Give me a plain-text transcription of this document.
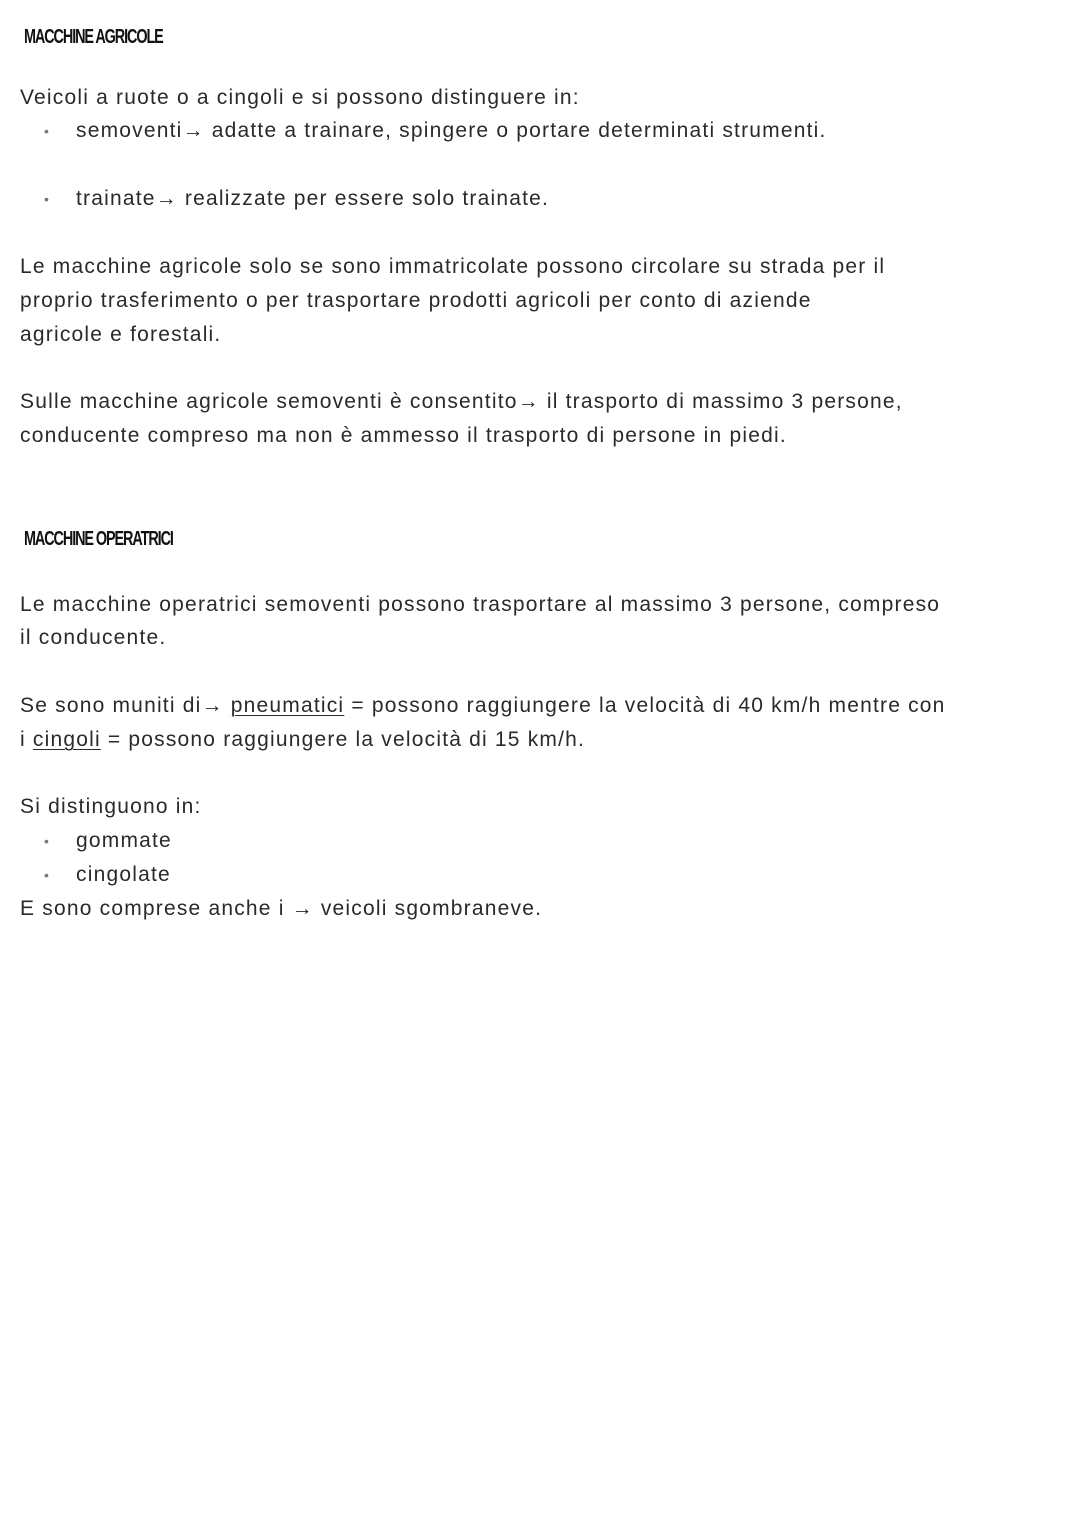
MACCHINE AGRICOLE
Veicoli a ruote o a cingoli e si possono distinguere in:
• semoventi→ adatte a trainare, spingere o portare determinati strumenti.
• trainate→ realizzate per essere solo trainate.
Le macchine agricole solo se sono immatricolate possono circolare su strada per il
proprio trasferimento o per trasportare prodotti agricoli per conto di aziende
agricole e forestali.
Sulle macchine agricole semoventi è consentito→ il trasporto di massimo 3 persone,
conducente compreso ma non è ammesso il trasporto di persone in piedi.
MACCHINE OPERATRICI
Le macchine operatrici semoventi possono trasportare al massimo 3 persone, compreso
il conducente.
Se sono muniti di→ pneumatici = possono raggiungere la velocità di 40 km/h mentre con
i cingoli = possono raggiungere la velocità di 15 km/h.
Si distinguono in:
• gommate
• cingolate
E sono comprese anche i → veicoli sgombraneve.
